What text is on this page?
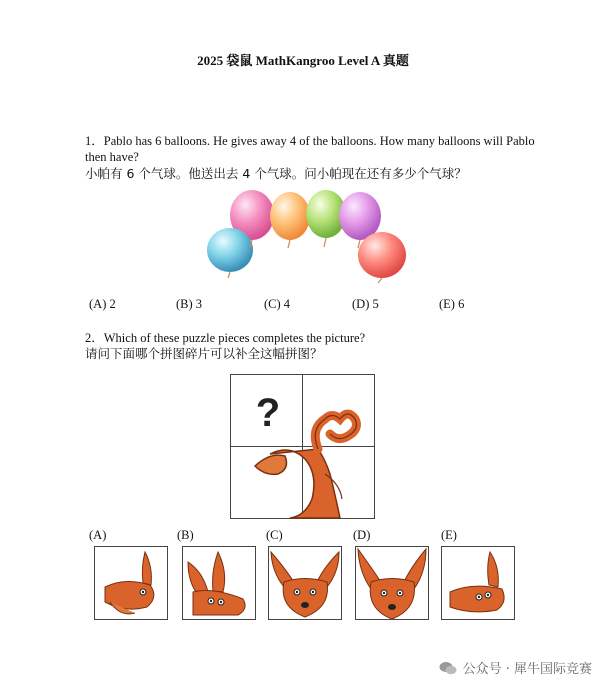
2025 袋鼠 MathKangroo Level A 真题
1．Pablo has 6 balloons. He gives away 4 of the balloons. How many balloons will Pablo then have?
小帕有 6 个气球。他送出去 4 个气球。问小帕现在还有多少个气球？
(A) 2	(B) 3	(C) 4	(D) 5	(E) 6
2．Which of these puzzle pieces completes the picture?
请问下面哪个拼图碎片可以补全这幅拼图？
?
(A)	(B)	(C)	(D)	(E)
公众号 · 犀牛国际竞赛
